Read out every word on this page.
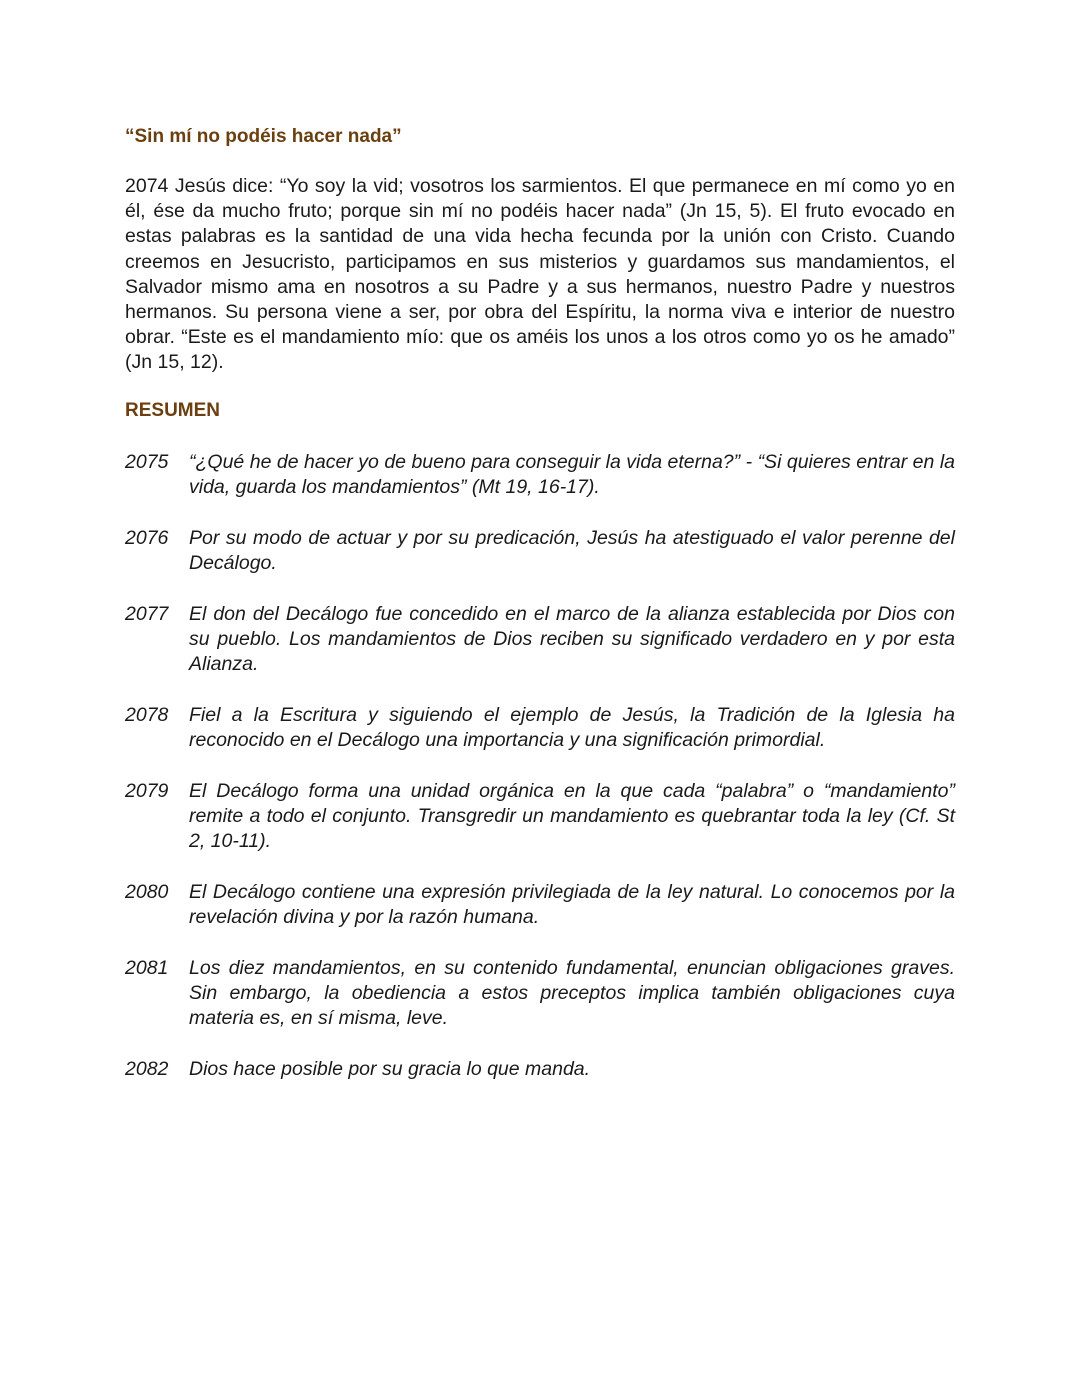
“Sin mí no podéis hacer nada”

2074 Jesús dice: “Yo soy la vid; vosotros los sarmientos. El que permanece en mí como yo en él, ése da mucho fruto; porque sin mí no podéis hacer nada” (Jn 15, 5). El fruto evocado en estas palabras es la santidad de una vida hecha fecunda por la unión con Cristo. Cuando creemos en Jesucristo, participamos en sus misterios y guardamos sus mandamientos, el Salvador mismo ama en nosotros a su Padre y a sus hermanos, nuestro Padre y nuestros hermanos. Su persona viene a ser, por obra del Espíritu, la norma viva e interior de nuestro obrar. “Este es el mandamiento mío: que os améis los unos a los otros como yo os he amado” (Jn 15, 12).

RESUMEN
2075	“¿Qué he de hacer yo de bueno para conseguir la vida eterna?” - “Si quieres entrar en la vida, guarda los mandamientos” (Mt 19, 16-17).
2076	Por su modo de actuar y por su predicación, Jesús ha atestiguado el valor perenne del Decálogo.
2077	El don del Decálogo fue concedido en el marco de la alianza establecida por Dios con su pueblo. Los mandamientos de Dios reciben su significado verdadero en y por esta Alianza.
2078	Fiel a la Escritura y siguiendo el ejemplo de Jesús, la Tradición de la Iglesia ha reconocido en el Decálogo una importancia y una significación primordial.
2079	El Decálogo forma una unidad orgánica en la que cada “palabra” o “mandamiento” remite a todo el conjunto. Transgredir un mandamiento es quebrantar toda la ley (Cf. St 2, 10-11).
2080	El Decálogo contiene una expresión privilegiada de la ley natural. Lo conocemos por la revelación divina y por la razón humana.
2081	Los diez mandamientos, en su contenido fundamental, enuncian obligaciones graves. Sin embargo, la obediencia a estos preceptos implica también obligaciones cuya materia es, en sí misma, leve.
2082	Dios hace posible por su gracia lo que manda.
